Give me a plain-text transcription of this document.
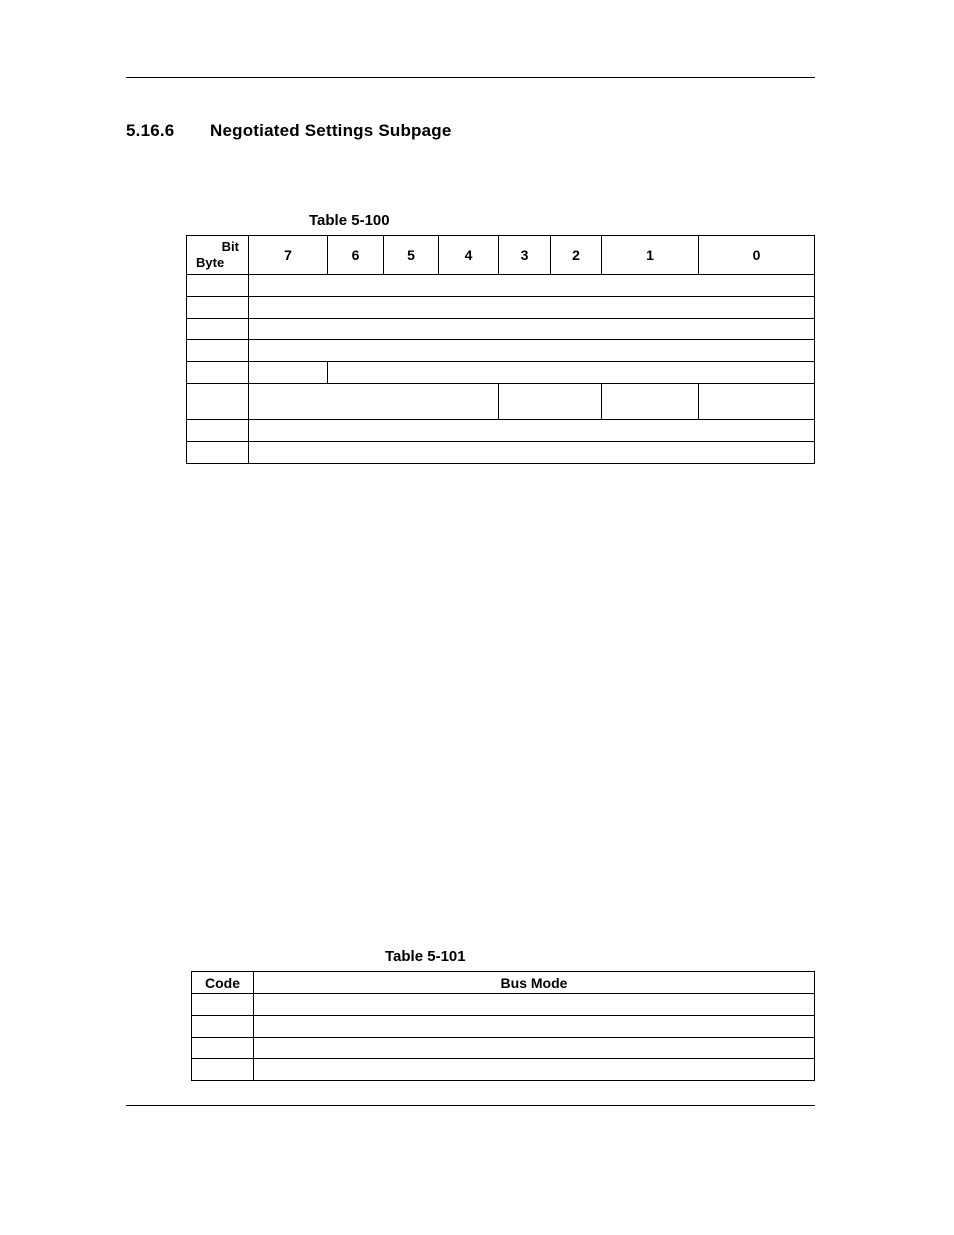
5.16.6 Negotiated Settings Subpage
Table 5-100
Bit
Byte	7	6	5	4	3	2	1	0

Table 5-101
Code	Bus Mode
